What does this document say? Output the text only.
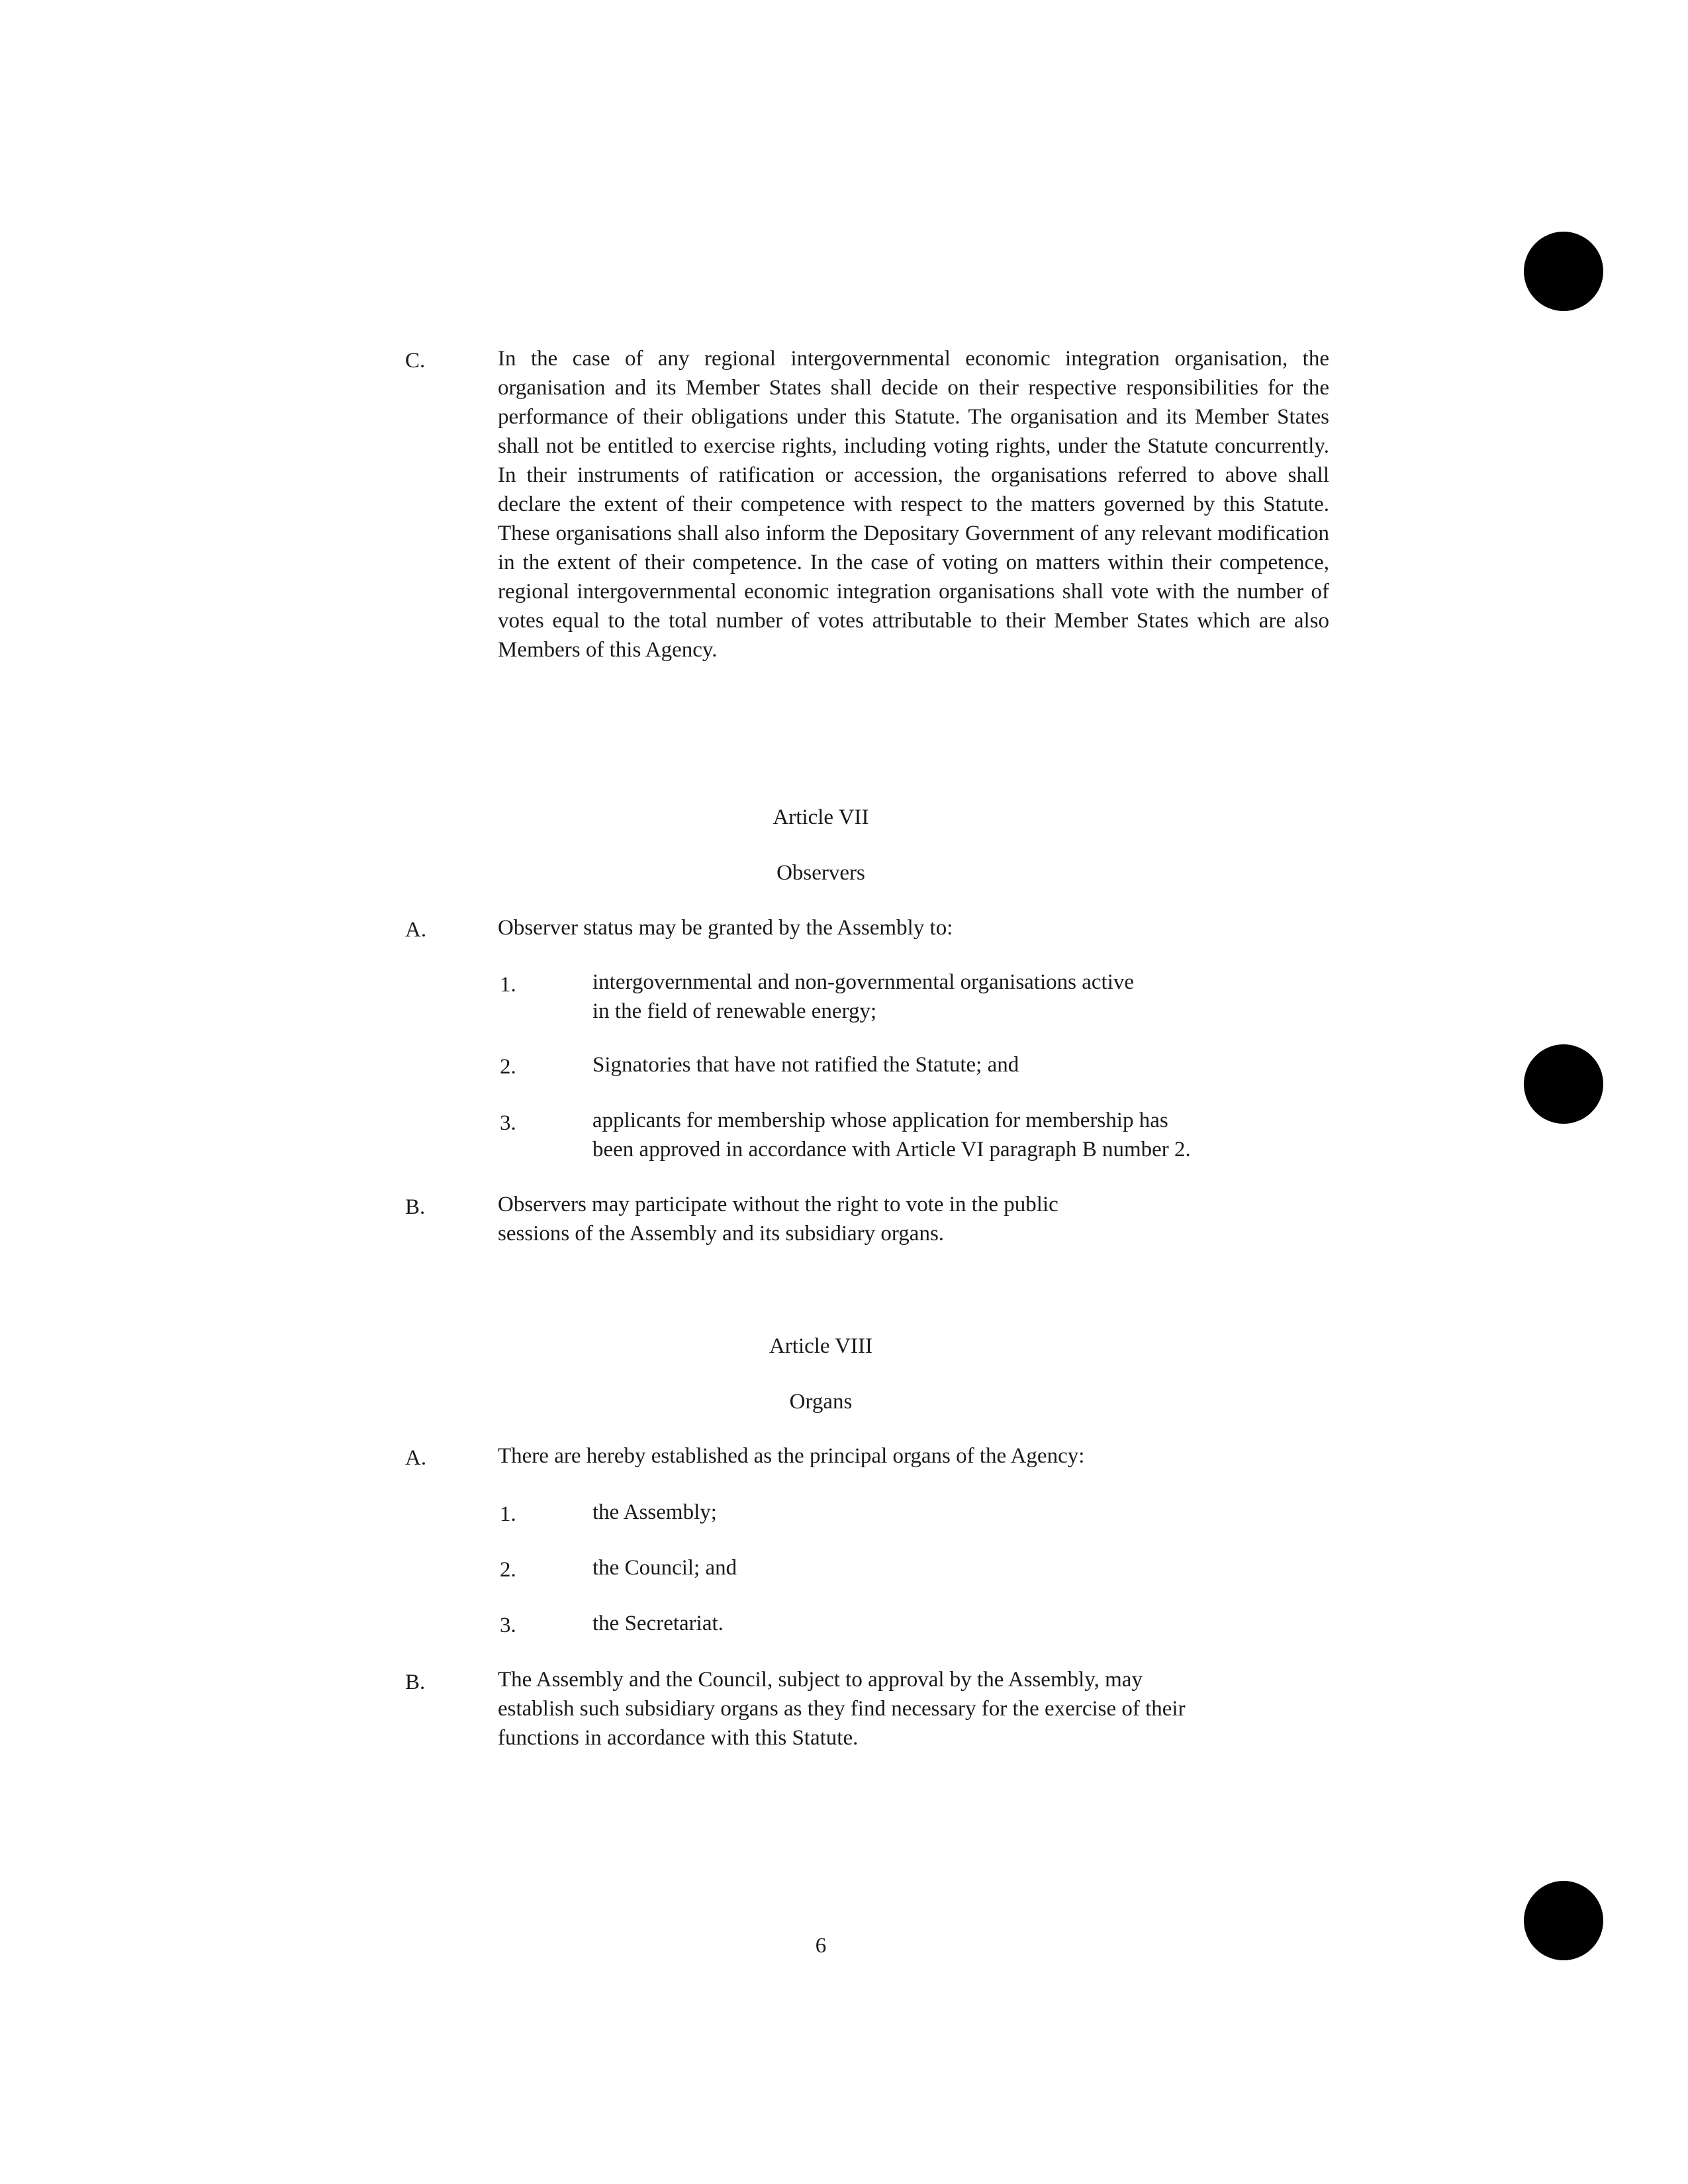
C.	In the case of any regional intergovernmental economic integration organisation, the organisation and its Member States shall decide on their respective responsibilities for the performance of their obligations under this Statute. The organisation and its Member States shall not be entitled to exercise rights, including voting rights, under the Statute concurrently. In their instruments of ratification or accession, the organisations referred to above shall declare the extent of their competence with respect to the matters governed by this Statute. These organisations shall also inform the Depositary Government of any relevant modification in the extent of their competence. In the case of voting on matters within their competence, regional intergovernmental economic integration organisations shall vote with the number of votes equal to the total number of votes attributable to their Member States which are also Members of this Agency.
Article VII
Observers
A.	Observer status may be granted by the Assembly to:
1.	intergovernmental and non-governmental organisations active
in the field of renewable energy;
2.	Signatories that have not ratified the Statute; and
3.	applicants for membership whose application for membership has
been approved in accordance with Article VI paragraph B number 2.
B.	Observers may participate without the right to vote in the public
sessions of the Assembly and its subsidiary organs.
Article VIII
Organs
A.	There are hereby established as the principal organs of the Agency:
1.	the Assembly;
2.	the Council; and
3.	the Secretariat.
B.	The Assembly and the Council, subject to approval by the Assembly, may
establish such subsidiary organs as they find necessary for the exercise of their
functions in accordance with this Statute.
6
